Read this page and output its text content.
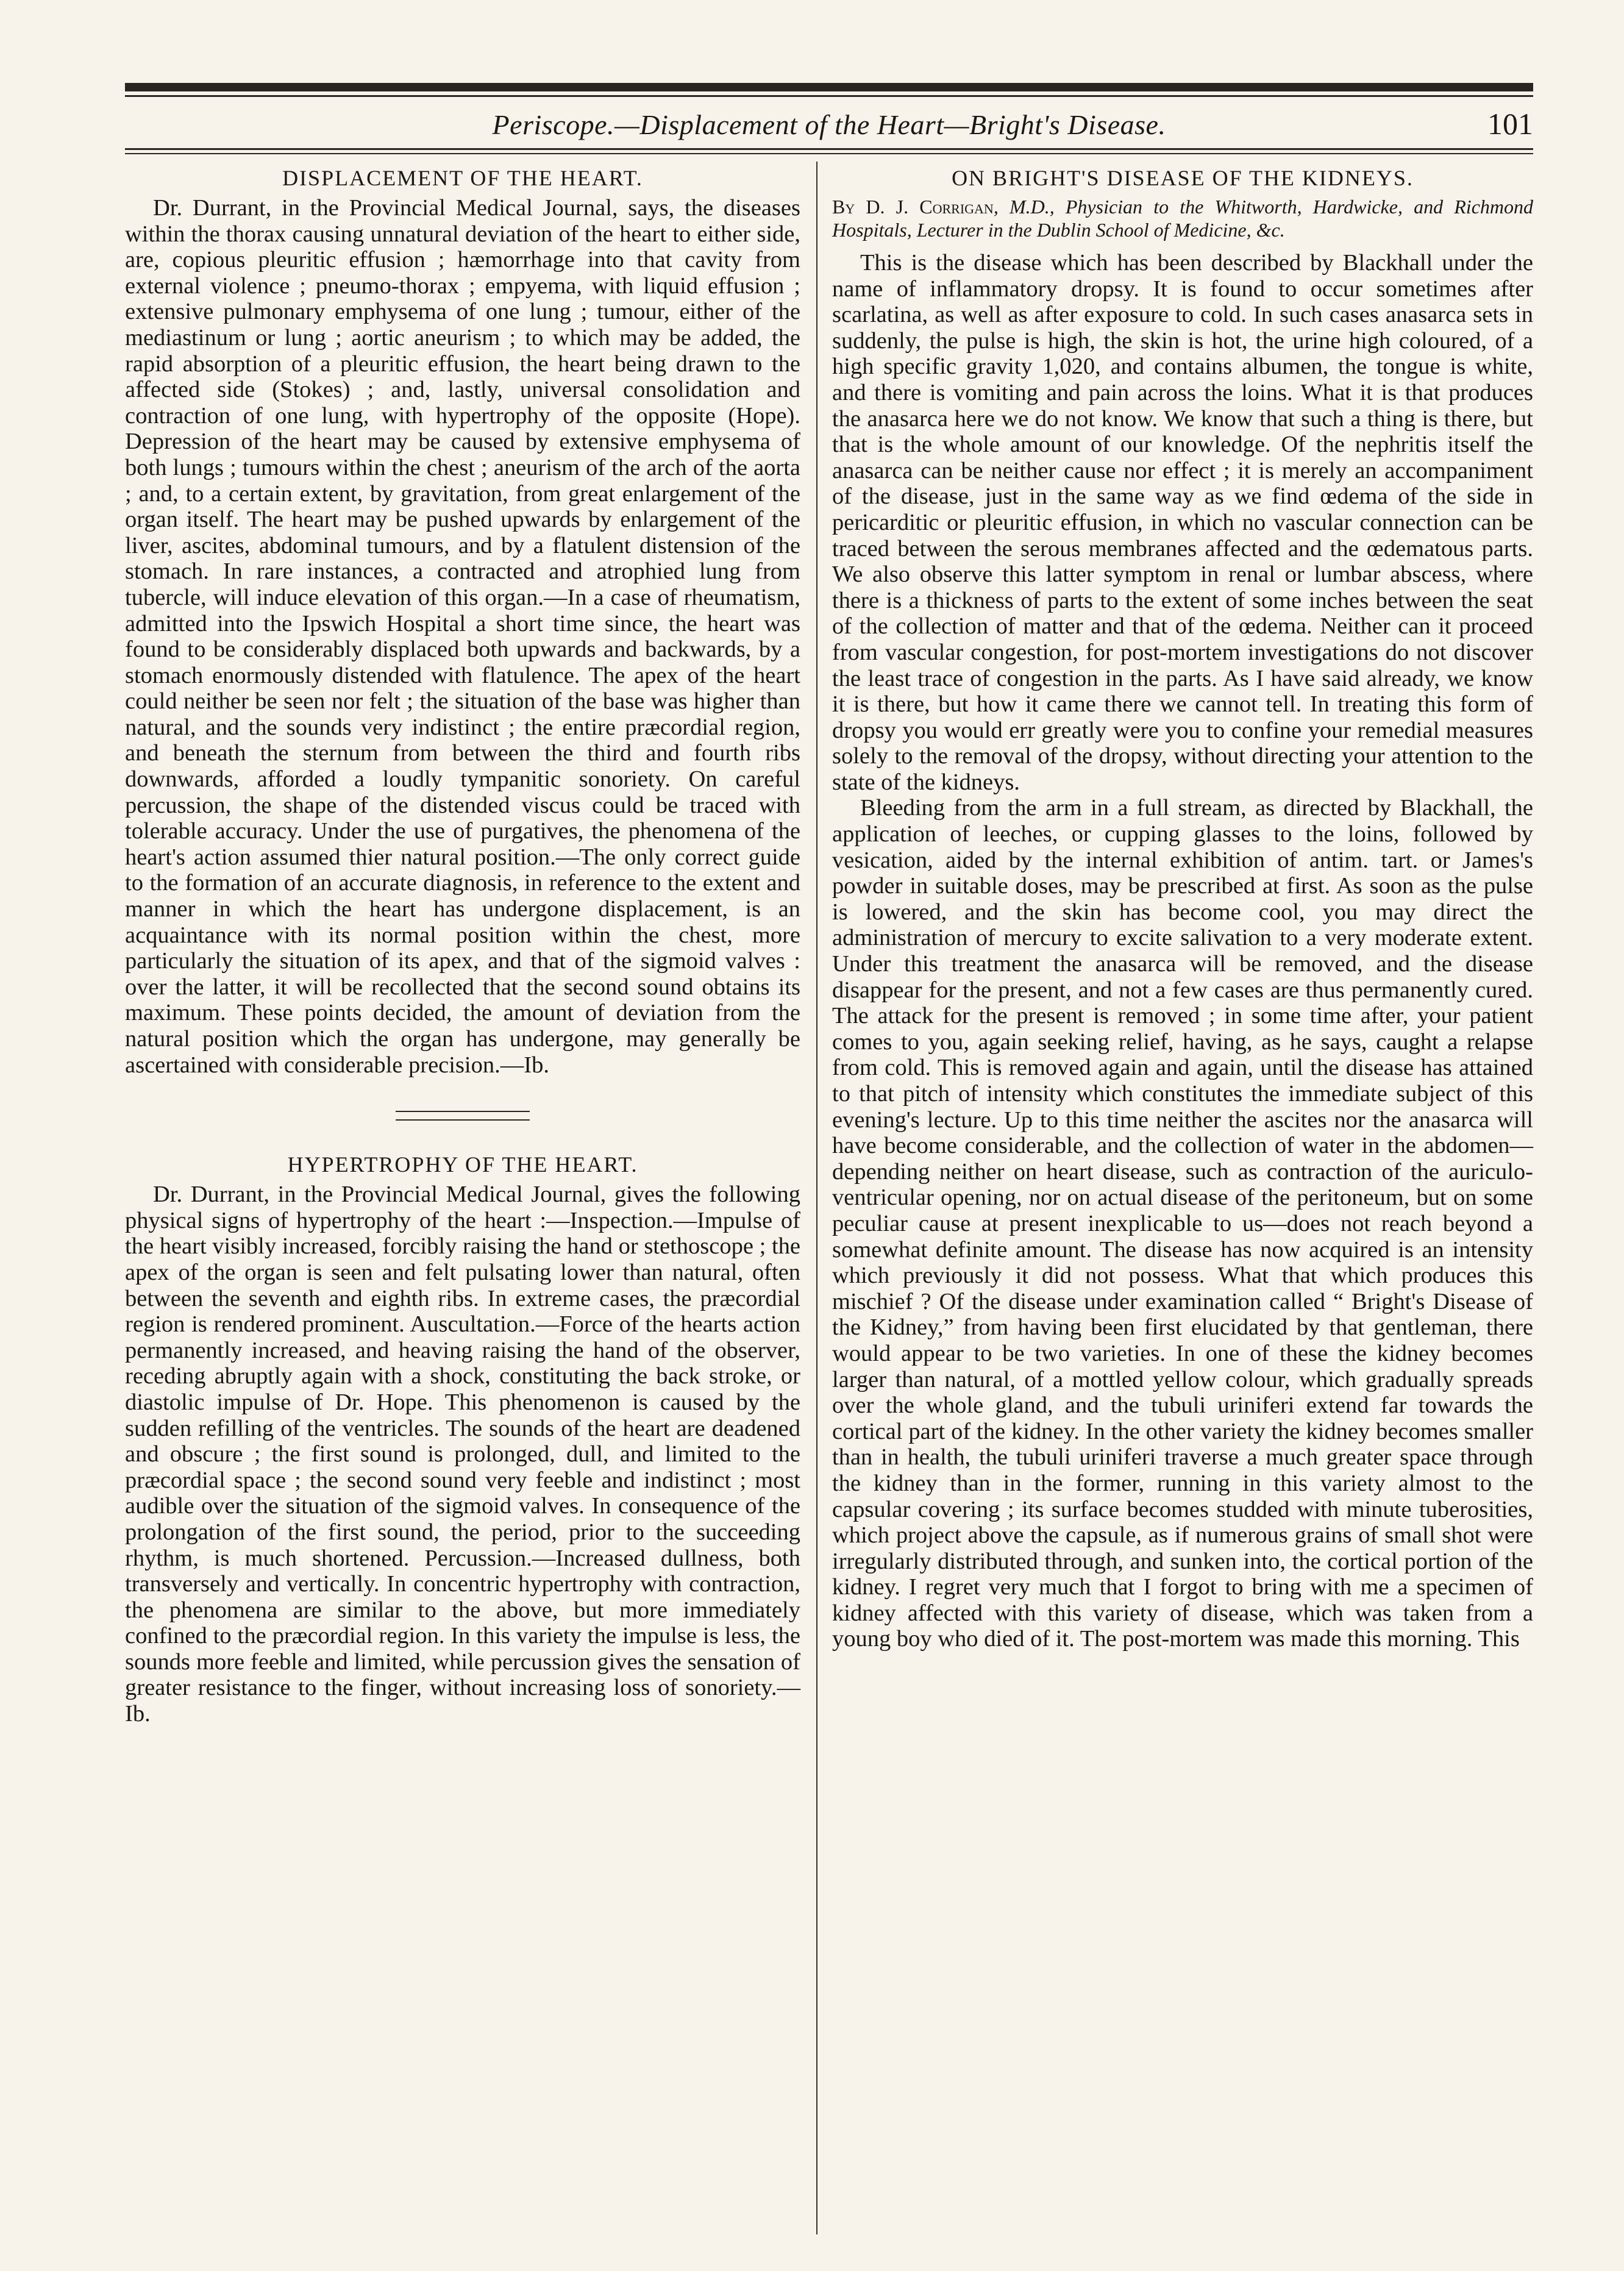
Periscope.—Displacement of the Heart—Bright's Disease.	101
DISPLACEMENT OF THE HEART.

Dr. Durrant, in the Provincial Medical Journal, says, the diseases within the thorax causing unnatural deviation of the heart to either side, are, copious pleuritic effusion ; hæmorrhage into that cavity from external violence ; pneumo-thorax ; empyema, with liquid effusion ; extensive pulmonary emphysema of one lung ; tumour, either of the mediastinum or lung ; aortic aneurism ; to which may be added, the rapid absorption of a pleuritic effusion, the heart being drawn to the affected side (Stokes) ; and, lastly, universal consolidation and contraction of one lung, with hypertrophy of the opposite (Hope). Depression of the heart may be caused by extensive emphysema of both lungs ; tumours within the chest ; aneurism of the arch of the aorta ; and, to a certain extent, by gravitation, from great enlargement of the organ itself. The heart may be pushed upwards by enlargement of the liver, ascites, abdominal tumours, and by a flatulent distension of the stomach. In rare instances, a contracted and atrophied lung from tubercle, will induce elevation of this organ.—In a case of rheumatism, admitted into the Ipswich Hospital a short time since, the heart was found to be considerably displaced both upwards and backwards, by a stomach enormously distended with flatulence. The apex of the heart could neither be seen nor felt ; the situation of the base was higher than natural, and the sounds very indistinct ; the entire præcordial region, and beneath the sternum from between the third and fourth ribs downwards, afforded a loudly tympanitic sonoriety. On careful percussion, the shape of the distended viscus could be traced with tolerable accuracy. Under the use of purgatives, the phenomena of the heart's action assumed thier natural position.—The only correct guide to the formation of an accurate diagnosis, in reference to the extent and manner in which the heart has undergone displacement, is an acquaintance with its normal position within the chest, more particularly the situation of its apex, and that of the sigmoid valves : over the latter, it will be recollected that the second sound obtains its maximum. These points decided, the amount of deviation from the natural position which the organ has undergone, may generally be ascertained with considerable precision.—Ib.

HYPERTROPHY OF THE HEART.

Dr. Durrant, in the Provincial Medical Journal, gives the following physical signs of hypertrophy of the heart :—Inspection.—Impulse of the heart visibly increased, forcibly raising the hand or stethoscope ; the apex of the organ is seen and felt pulsating lower than natural, often between the seventh and eighth ribs. In extreme cases, the præcordial region is rendered prominent. Auscultation.—Force of the hearts action permanently increased, and heaving raising the hand of the observer, receding abruptly again with a shock, constituting the back stroke, or diastolic impulse of Dr. Hope. This phenomenon is caused by the sudden refilling of the ventricles. The sounds of the heart are deadened and obscure ; the first sound is prolonged, dull, and limited to the præcordial space ; the second sound very feeble and indistinct ; most audible over the situation of the sigmoid valves. In consequence of the prolongation of the first sound, the period, prior to the succeeding rhythm, is much shortened. Percussion.—Increased dullness, both transversely and vertically. In concentric hypertrophy with contraction, the phenomena are similar to the above, but more immediately confined to the præcordial region. In this variety the impulse is less, the sounds more feeble and limited, while percussion gives the sensation of greater resistance to the finger, without increasing loss of sonoriety.—Ib.

ON BRIGHT'S DISEASE OF THE KIDNEYS.
By D. J. Corrigan, M.D., Physician to the Whitworth, Hardwicke, and Richmond Hospitals, Lecturer in the Dublin School of Medicine, &c.

This is the disease which has been described by Blackhall under the name of inflammatory dropsy. It is found to occur sometimes after scarlatina, as well as after exposure to cold. In such cases anasarca sets in suddenly, the pulse is high, the skin is hot, the urine high coloured, of a high specific gravity 1,020, and contains albumen, the tongue is white, and there is vomiting and pain across the loins. What it is that produces the anasarca here we do not know. We know that such a thing is there, but that is the whole amount of our knowledge. Of the nephritis itself the anasarca can be neither cause nor effect ; it is merely an accompaniment of the disease, just in the same way as we find œdema of the side in pericarditic or pleuritic effusion, in which no vascular connection can be traced between the serous membranes affected and the œdematous parts. We also observe this latter symptom in renal or lumbar abscess, where there is a thickness of parts to the extent of some inches between the seat of the collection of matter and that of the œdema. Neither can it proceed from vascular congestion, for post-mortem investigations do not discover the least trace of congestion in the parts. As I have said already, we know it is there, but how it came there we cannot tell. In treating this form of dropsy you would err greatly were you to confine your remedial measures solely to the removal of the dropsy, without directing your attention to the state of the kidneys.

Bleeding from the arm in a full stream, as directed by Blackhall, the application of leeches, or cupping glasses to the loins, followed by vesication, aided by the internal exhibition of antim. tart. or James's powder in suitable doses, may be prescribed at first. As soon as the pulse is lowered, and the skin has become cool, you may direct the administration of mercury to excite salivation to a very moderate extent. Under this treatment the anasarca will be removed, and the disease disappear for the present, and not a few cases are thus permanently cured. The attack for the present is removed ; in some time after, your patient comes to you, again seeking relief, having, as he says, caught a relapse from cold. This is removed again and again, until the disease has attained to that pitch of intensity which constitutes the immediate subject of this evening's lecture. Up to this time neither the ascites nor the anasarca will have become considerable, and the collection of water in the abdomen—depending neither on heart disease, such as contraction of the auriculo-ventricular opening, nor on actual disease of the peritoneum, but on some peculiar cause at present inexplicable to us—does not reach beyond a somewhat definite amount. The disease has now acquired is an intensity which previously it did not possess. What that which produces this mischief ? Of the disease under examination called “ Bright's Disease of the Kidney,” from having been first elucidated by that gentleman, there would appear to be two varieties. In one of these the kidney becomes larger than natural, of a mottled yellow colour, which gradually spreads over the whole gland, and the tubuli uriniferi extend far towards the cortical part of the kidney. In the other variety the kidney becomes smaller than in health, the tubuli uriniferi traverse a much greater space through the kidney than in the former, running in this variety almost to the capsular covering ; its surface becomes studded with minute tuberosities, which project above the capsule, as if numerous grains of small shot were irregularly distributed through, and sunken into, the cortical portion of the kidney. I regret very much that I forgot to bring with me a specimen of kidney affected with this variety of disease, which was taken from a young boy who died of it. The post-mortem was made this morning. This
